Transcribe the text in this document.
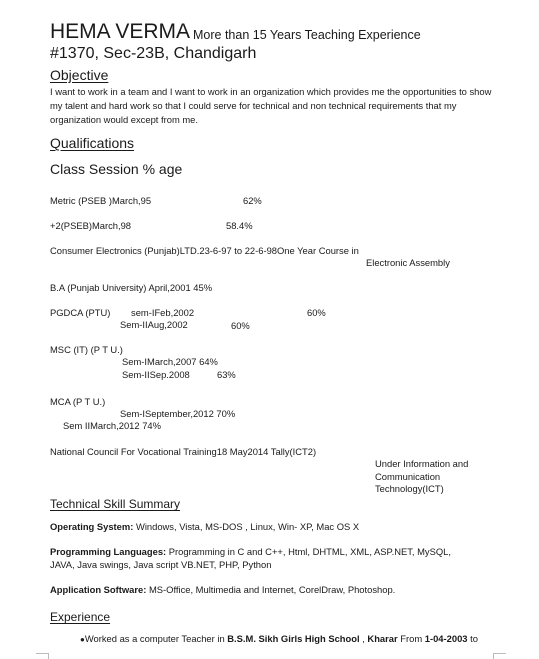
HEMA VERMA More than 15 Years Teaching Experience
#1370, Sec-23B, Chandigarh
Objective
I want to work in a team and I want to work in an organization which provides me the opportunities to show my talent and hard work so that I could serve for technical and non technical requirements that my organization would except from me.
Qualifications
Class Session % age
Metric (PSEB )March,95	62%
+2(PSEB)March,98	58.4%
Consumer Electronics (Punjab)LTD.23-6-97 to 22-6-98One Year Course in
Electronic Assembly
B.A (Punjab University) April,2001 45%
PGDCA (PTU) sem-IFeb,2002	60%
Sem-IIAug,2002	60%
MSC (IT) (P T U.)
Sem-IMarch,2007 64%
Sem-IISep.2008	63%
MCA (P T U.)
Sem-ISeptember,2012 70%
Sem IIMarch,2012 74%
National Council For Vocational Training18 May2014 Tally(ICT2)
Under Information and Communication Technology(ICT)
Technical Skill Summary
Operating System: Windows, Vista, MS-DOS , Linux, Win- XP, Mac OS X
Programming Languages: Programming in C and C++, Html, DHTML, XML, ASP.NET, MySQL, JAVA, Java swings, Java script VB.NET, PHP, Python
Application Software: MS-Office, Multimedia and Internet, CorelDraw, Photoshop.
Experience
●Worked as a computer Teacher in B.S.M. Sikh Girls High School , Kharar From 1-04-2003 to
